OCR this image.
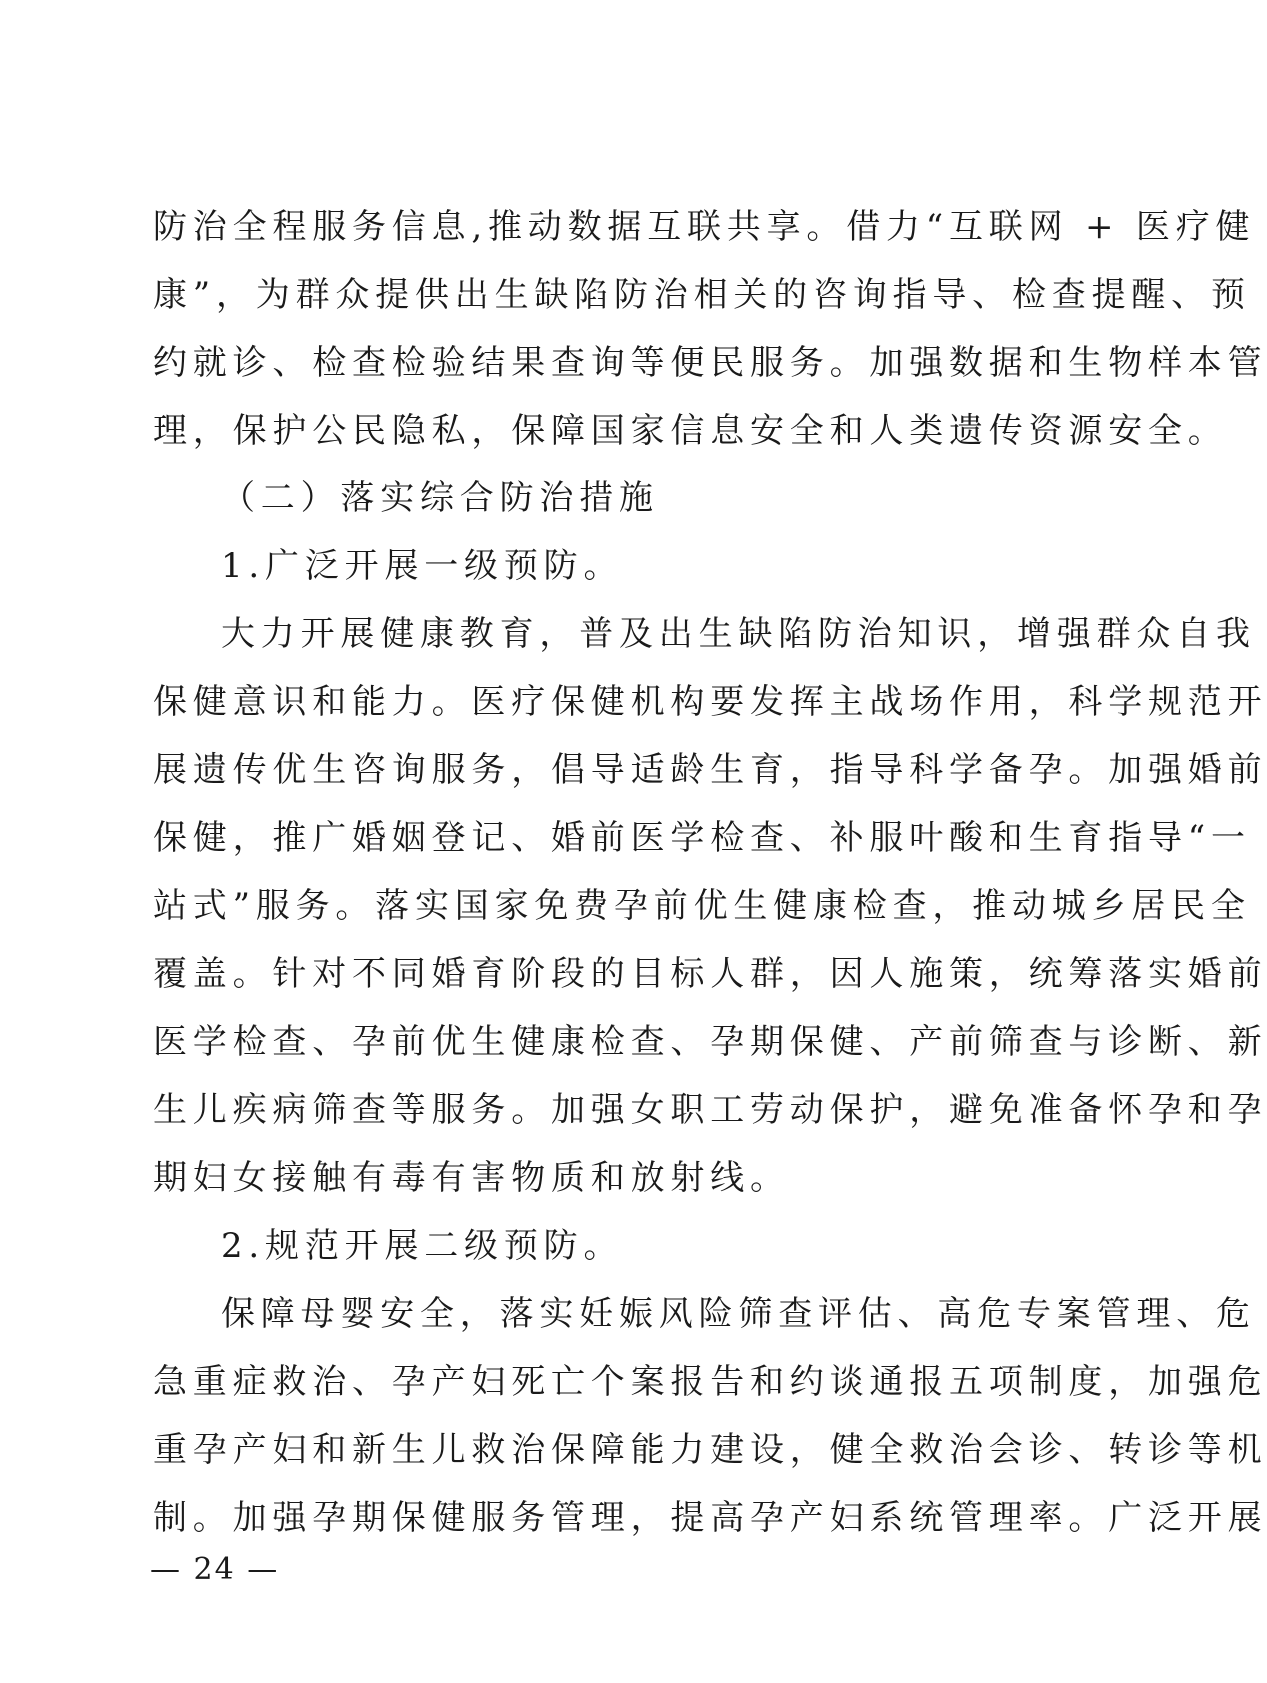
防治全程服务信息,推动数据互联共享。借力“互联网 + 医疗健
康”，为群众提供出生缺陷防治相关的咨询指导、检查提醒、预
约就诊、检查检验结果查询等便民服务。加强数据和生物样本管
理，保护公民隐私，保障国家信息安全和人类遗传资源安全。
（二）落实综合防治措施
1.广泛开展一级预防。
大力开展健康教育，普及出生缺陷防治知识，增强群众自我
保健意识和能力。医疗保健机构要发挥主战场作用，科学规范开
展遗传优生咨询服务，倡导适龄生育，指导科学备孕。加强婚前
保健，推广婚姻登记、婚前医学检查、补服叶酸和生育指导“一
站式”服务。落实国家免费孕前优生健康检查，推动城乡居民全
覆盖。针对不同婚育阶段的目标人群，因人施策，统筹落实婚前
医学检查、孕前优生健康检查、孕期保健、产前筛查与诊断、新
生儿疾病筛查等服务。加强女职工劳动保护，避免准备怀孕和孕
期妇女接触有毒有害物质和放射线。
2.规范开展二级预防。
保障母婴安全，落实妊娠风险筛查评估、高危专案管理、危
急重症救治、孕产妇死亡个案报告和约谈通报五项制度，加强危
重孕产妇和新生儿救治保障能力建设，健全救治会诊、转诊等机
制。加强孕期保健服务管理，提高孕产妇系统管理率。广泛开展
— 24 —
